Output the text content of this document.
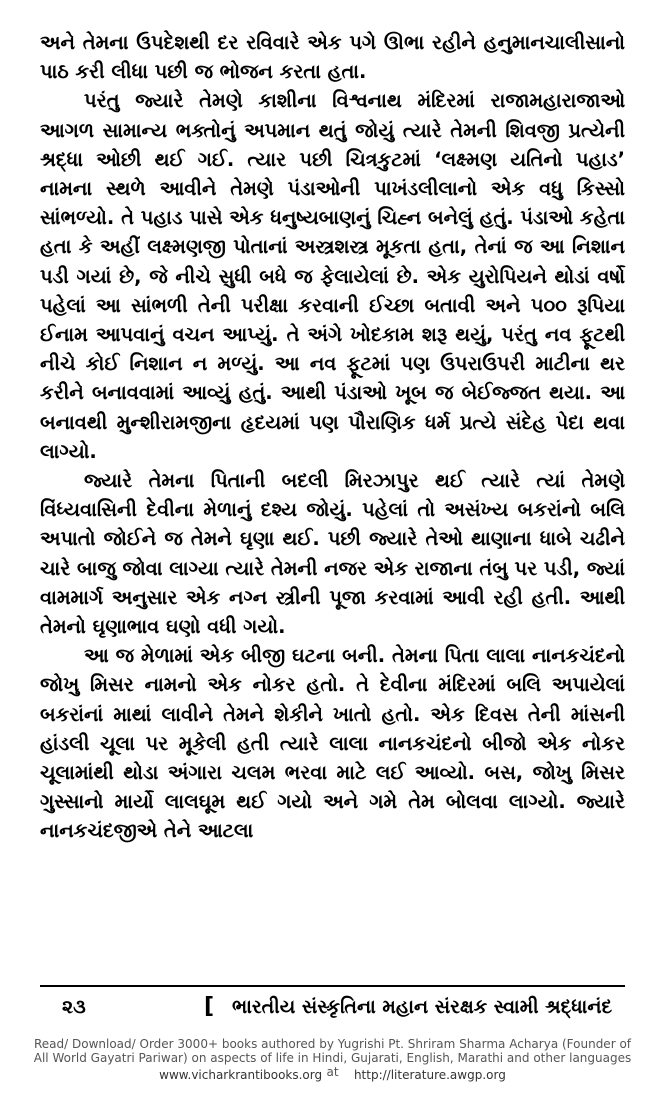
અને તેમના ઉપદેશથી દર રવિવારે એક પગે ઊભા રહીને હનુમાનચાલીસાનો પાઠ કરી લીધા પછી જ ભોજન કરતા હતા.

પરંતુ જ્યારે તેમણે કાશીના વિશ્વનાથ મંદિરમાં રાજામહારાજાઓ આગળ સામાન્ય ભક્તોનું અપમાન થતું જોયું ત્યારે તેમની શિવજી પ્રત્યેની શ્રદ્ધા ઓછી થઈ ગઈ. ત્યાર પછી ચિત્રકુટમાં ‘લક્ષ્મણ યતિનો પહાડ’ નામના સ્થળે આવીને તેમણે પંડાઓની પાખંડલીલાનો એક વધુ કિસ્સો સાંભળ્યો. તે પહાડ પાસે એક ધનુષ્યબાણનું ચિહ્ન બનેલું હતું. પંડાઓ કહેતા હતા કે અહીં લક્ષ્મણજી પોતાનાં અસ્ત્રશસ્ત્ર મૂકતા હતા, તેનાં જ આ નિશાન પડી ગયાં છે, જે નીચે સુધી બધે જ ફેલાયેલાં છે. એક યુરોપિયને થોડાં વર્ષો પહેલાં આ સાંભળી તેની પરીક્ષા કરવાની ઈચ્છા બતાવી અને ૫૦૦ રૂપિયા ઈનામ આપવાનું વચન આપ્યું. તે અંગે ખોદકામ શરૂ થયું, પરંતુ નવ ફૂટથી નીચે કોઈ નિશાન ન મળ્યું. આ નવ ફૂટમાં પણ ઉપરાઉપરી માટીના થર કરીને બનાવવામાં આવ્યું હતું. આથી પંડાઓ ખૂબ જ બેઈજ્જત થયા. આ બનાવથી મુન્શીરામજીના હૃદયમાં પણ પૌરાણિક ધર્મ પ્રત્યે સંદેહ પેદા થવા લાગ્યો.

જ્યારે તેમના પિતાની બદલી મિરઝાપુર થઈ ત્યારે ત્યાં તેમણે વિંધ્યવાસિની દેવીના મેળાનું દશ્ય જોયું. પહેલાં તો અસંખ્ય બકરાંનો બલિ અપાતો જોઈને જ તેમને ઘૃણા થઈ. પછી જ્યારે તેઓ થાણાના ધાબે ચઢીને ચારે બાજુ જોવા લાગ્યા ત્યારે તેમની નજર એક રાજાના તંબુ પર પડી, જ્યાં વામમાર્ગ અનુસાર એક નગ્ન સ્ત્રીની પૂજા કરવામાં આવી રહી હતી. આથી તેમનો ઘૃણાભાવ ઘણો વધી ગયો.

આ જ મેળામાં એક બીજી ઘટના બની. તેમના પિતા લાલા નાનકચંદનો જોખુ મિસર નામનો એક નોકર હતો. તે દેવીના મંદિરમાં બલિ અપાયેલાં બકરાંનાં માથાં લાવીને તેમને શેકીને ખાતો હતો. એક દિવસ તેની માંસની હાંડલી ચૂલા પર મૂકેલી હતી ત્યારે લાલા નાનકચંદનો બીજો એક નોકર ચૂલામાંથી થોડા અંગારા ચલમ ભરવા માટે લઈ આવ્યો. બસ, જોખુ મિસર ગુસ્સાનો માર્યો લાલઘૂમ થઈ ગયો અને ગમે તેમ બોલવા લાગ્યો. જ્યારે નાનકચંદજીએ તેને આટલા

૨૩	[ ભારતીય સંસ્કૃતિના મહાન સંરક્ષક સ્વામી શ્રદ્ધાનંદ
Read/ Download/ Order 3000+ books authored by Yugrishi Pt. Shriram Sharma Acharya (Founder of All World Gayatri Pariwar) on aspects of life in Hindi, Gujarati, English, Marathi and other languages at
www.vicharkrantibooks.org	http://literature.awgp.org
